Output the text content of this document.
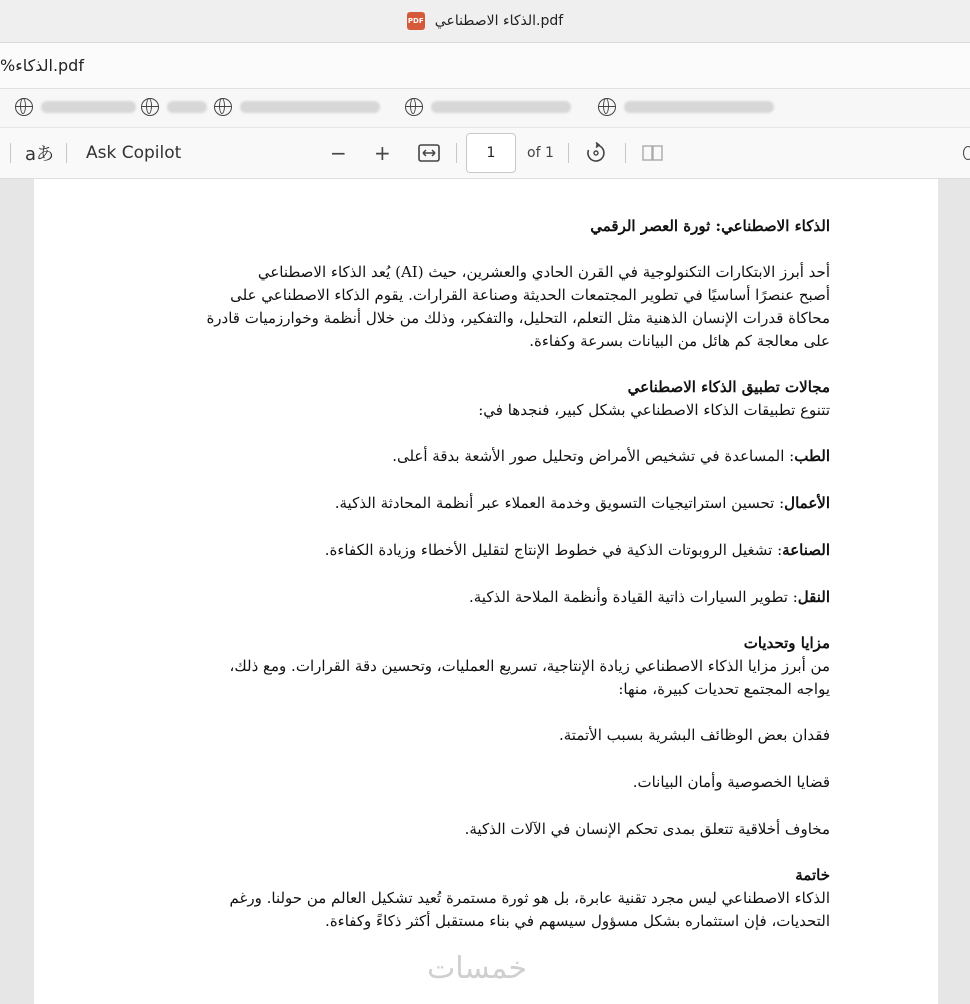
PDF الذكاء الاصطناعي.pdf
%الذكاء.pdf
aあ Ask Copilot	− +	1 of 1

الذكاء الاصطناعي: ثورة العصر الرقمي

أحد أبرز الابتكارات التكنولوجية في القرن الحادي والعشرين، حيث (AI) يُعد الذكاء الاصطناعي

أصبح عنصرًا أساسيًا في تطوير المجتمعات الحديثة وصناعة القرارات. يقوم الذكاء الاصطناعي على

محاكاة قدرات الإنسان الذهنية مثل التعلم، التحليل، والتفكير، وذلك من خلال أنظمة وخوارزميات قادرة

على معالجة كم هائل من البيانات بسرعة وكفاءة.

مجالات تطبيق الذكاء الاصطناعي

تتنوع تطبيقات الذكاء الاصطناعي بشكل كبير، فنجدها في:

الطب: المساعدة في تشخيص الأمراض وتحليل صور الأشعة بدقة أعلى.

الأعمال: تحسين استراتيجيات التسويق وخدمة العملاء عبر أنظمة المحادثة الذكية.

الصناعة: تشغيل الروبوتات الذكية في خطوط الإنتاج لتقليل الأخطاء وزيادة الكفاءة.

النقل: تطوير السيارات ذاتية القيادة وأنظمة الملاحة الذكية.

مزايا وتحديات

من أبرز مزايا الذكاء الاصطناعي زيادة الإنتاجية، تسريع العمليات، وتحسين دقة القرارات. ومع ذلك،

يواجه المجتمع تحديات كبيرة، منها:

فقدان بعض الوظائف البشرية بسبب الأتمتة.

قضايا الخصوصية وأمان البيانات.

مخاوف أخلاقية تتعلق بمدى تحكم الإنسان في الآلات الذكية.

خاتمة

الذكاء الاصطناعي ليس مجرد تقنية عابرة، بل هو ثورة مستمرة تُعيد تشكيل العالم من حولنا. ورغم

التحديات، فإن استثماره بشكل مسؤول سيسهم في بناء مستقبل أكثر ذكاءً وكفاءة.

خمسات
